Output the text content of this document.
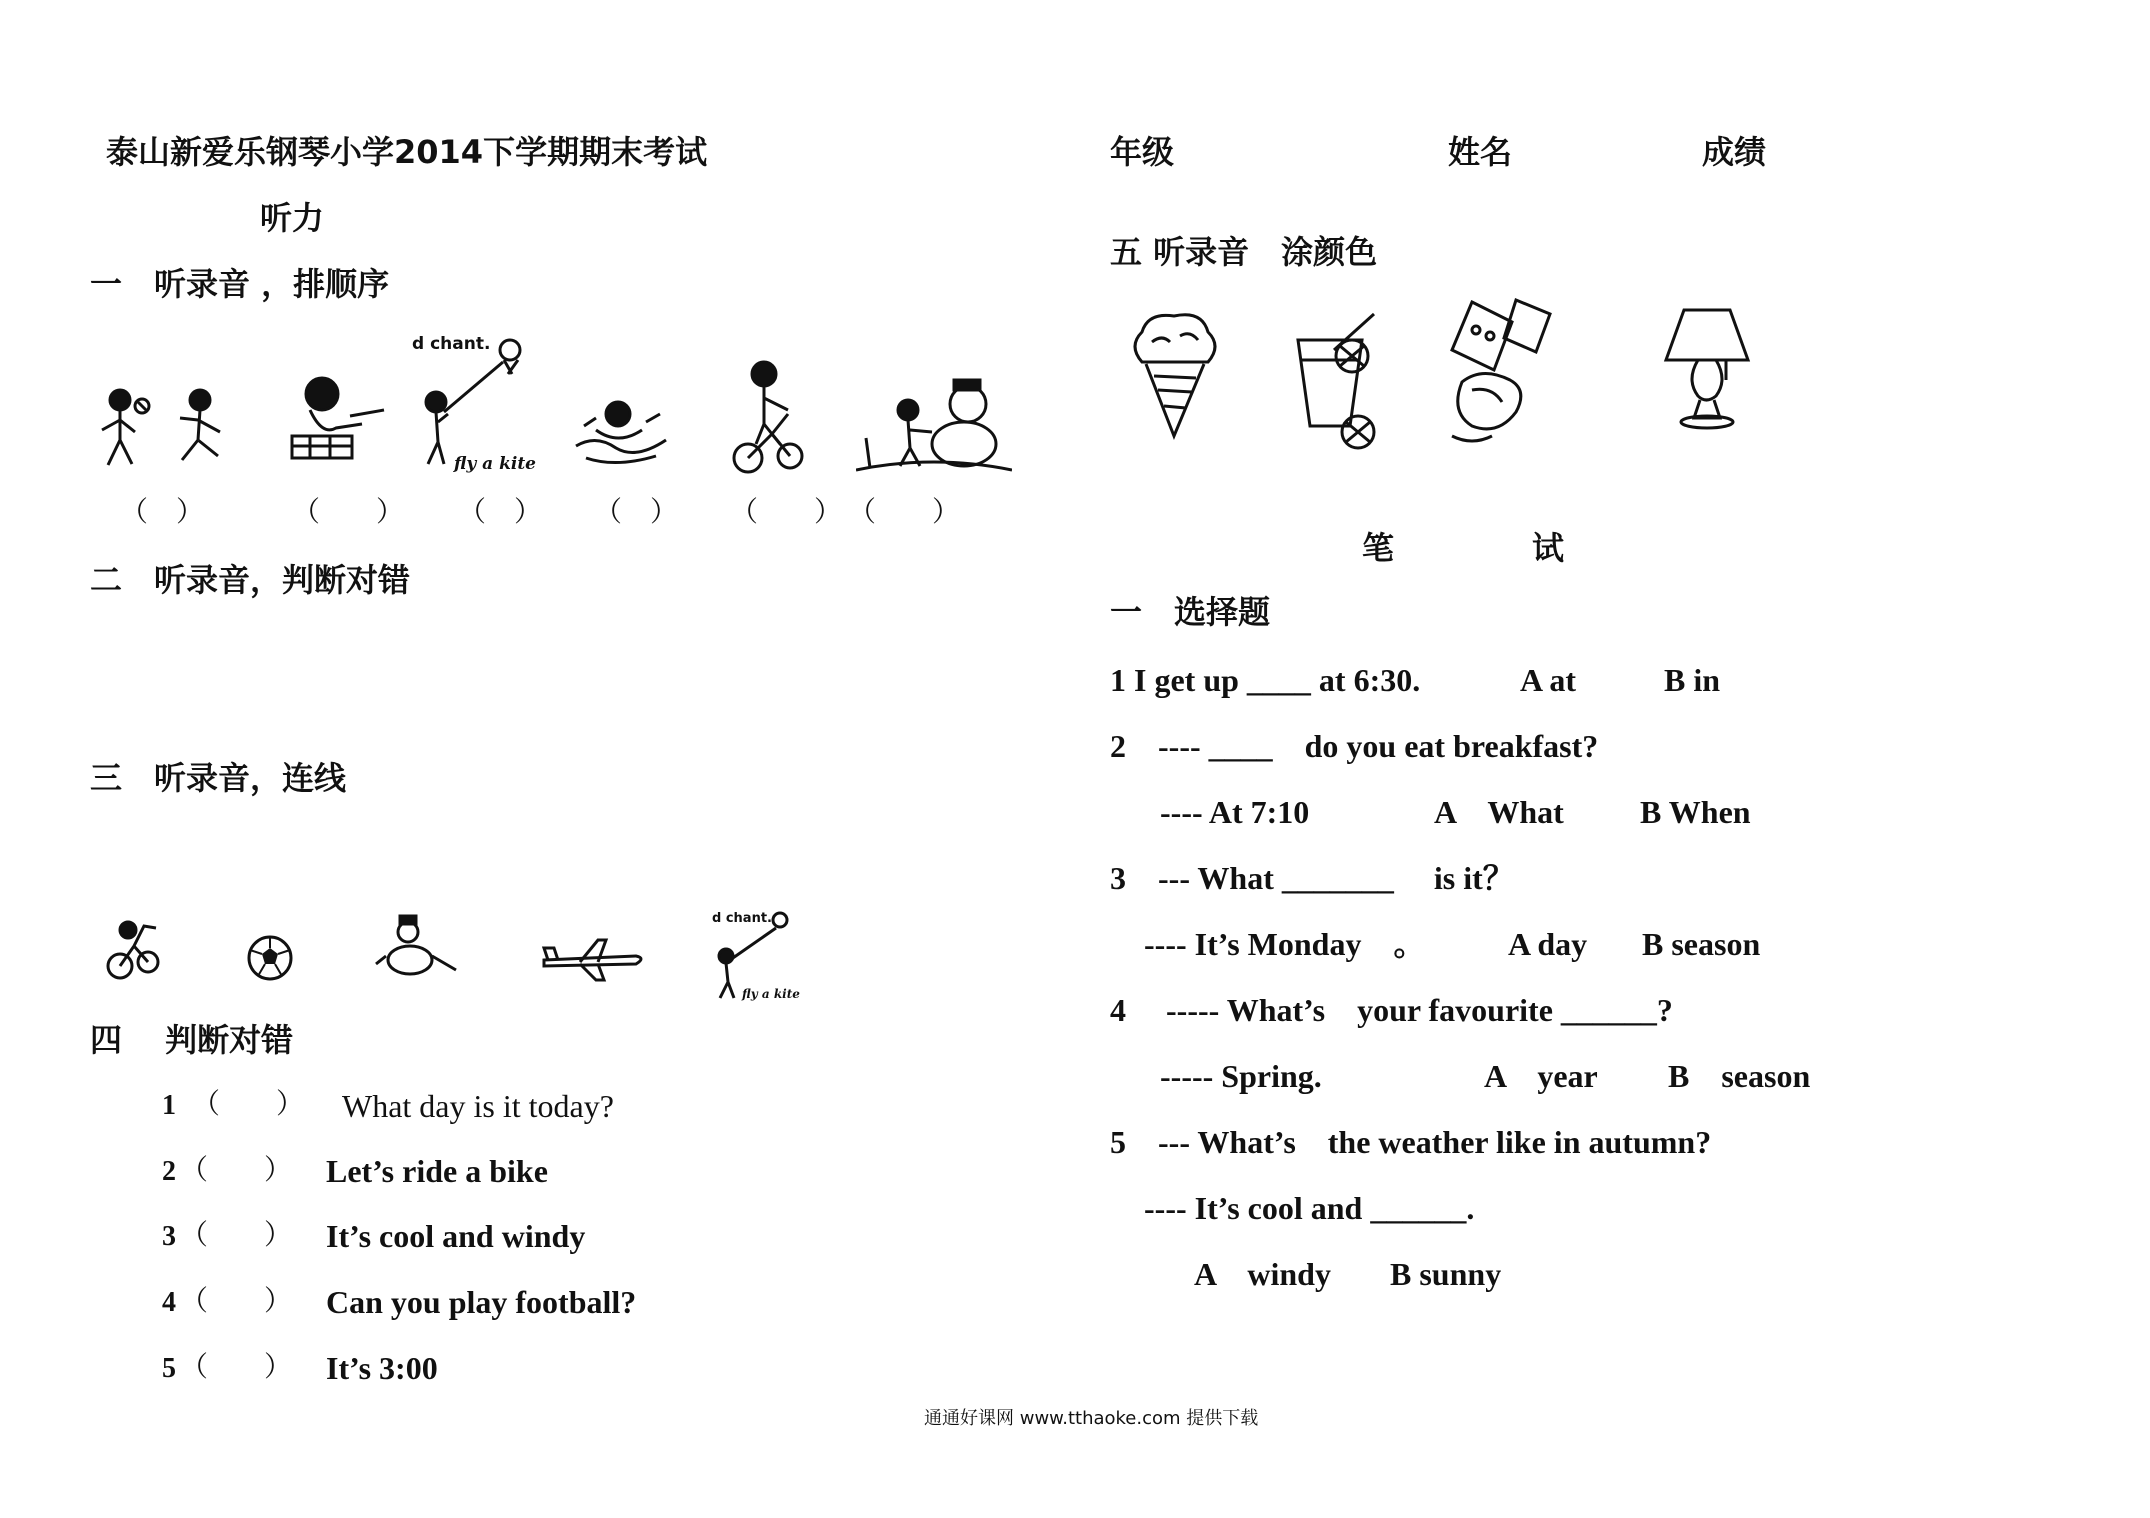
泰山新爱乐钢琴小学2014下学期期末考试
听力
一　听录音 ，排顺序
d chant.
fly a kite
（　）	（　　） （　） （　） （　　） （　　）
二　听录音，判断对错
三　听录音，连线
d chant.
fly a kite
四　 判断对错
1 （　　） What day is it today?
2 （　　） Let’s ride a bike
3 （　　） It’s cool and windy
4 （　　） Can you play football?
5 （　　） It’s 3:00
年级	姓名	成绩
五 听录音　涂颜色
笔	试
一　选择题
1 I get up ____ at 6:30.	A at	B in
2　---- ____　do you eat breakfast?
---- At 7:10	A　What B When
3　--- What _______　 is it？
---- It’s Monday　。	A day B season
4　 ----- What’s　your favourite ______?
----- Spring.	A　year B　season
5　--- What’s　the weather like in autumn?
---- It’s cool and ______.
A　windy B sunny
通通好课网 www.tthaoke.com 提供下载
